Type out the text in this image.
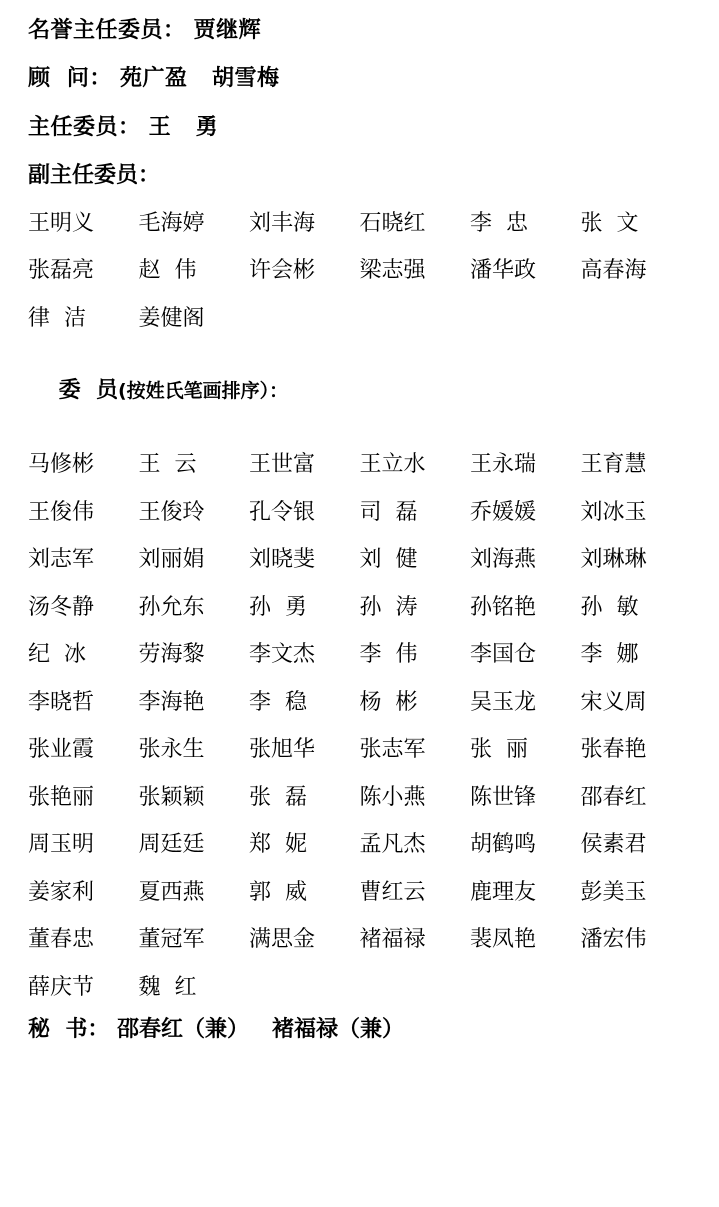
名誉主任委员： 贾继辉

顾  问： 苑广盈   胡雪梅

主任委员： 王   勇

副主任委员：

王明义	毛海婷	刘丰海	石晓红	李  忠	张  文
张磊亮	赵  伟	许会彬	梁志强	潘华政	高春海
律  洁	姜健阁

委  员(按姓氏笔画排序）：

马修彬	王  云	王世富	王立水	王永瑞	王育慧
王俊伟	王俊玲	孔令银	司  磊	乔媛媛	刘冰玉
刘志军	刘丽娟	刘晓斐	刘  健	刘海燕	刘琳琳
汤冬静	孙允东	孙  勇	孙  涛	孙铭艳	孙  敏
纪  冰	劳海黎	李文杰	李  伟	李国仓	李  娜
李晓哲	李海艳	李  稳	杨  彬	吴玉龙	宋义周
张业霞	张永生	张旭华	张志军	张  丽	张春艳
张艳丽	张颖颖	张  磊	陈小燕	陈世锋	邵春红
周玉明	周廷廷	郑  妮	孟凡杰	胡鹤鸣	侯素君
姜家利	夏西燕	郭  威	曹红云	鹿理友	彭美玉
董春忠	董冠军	满思金	褚福禄	裴凤艳	潘宏伟
薛庆节	魏  红

秘  书： 邵春红（兼）   褚福禄（兼）
